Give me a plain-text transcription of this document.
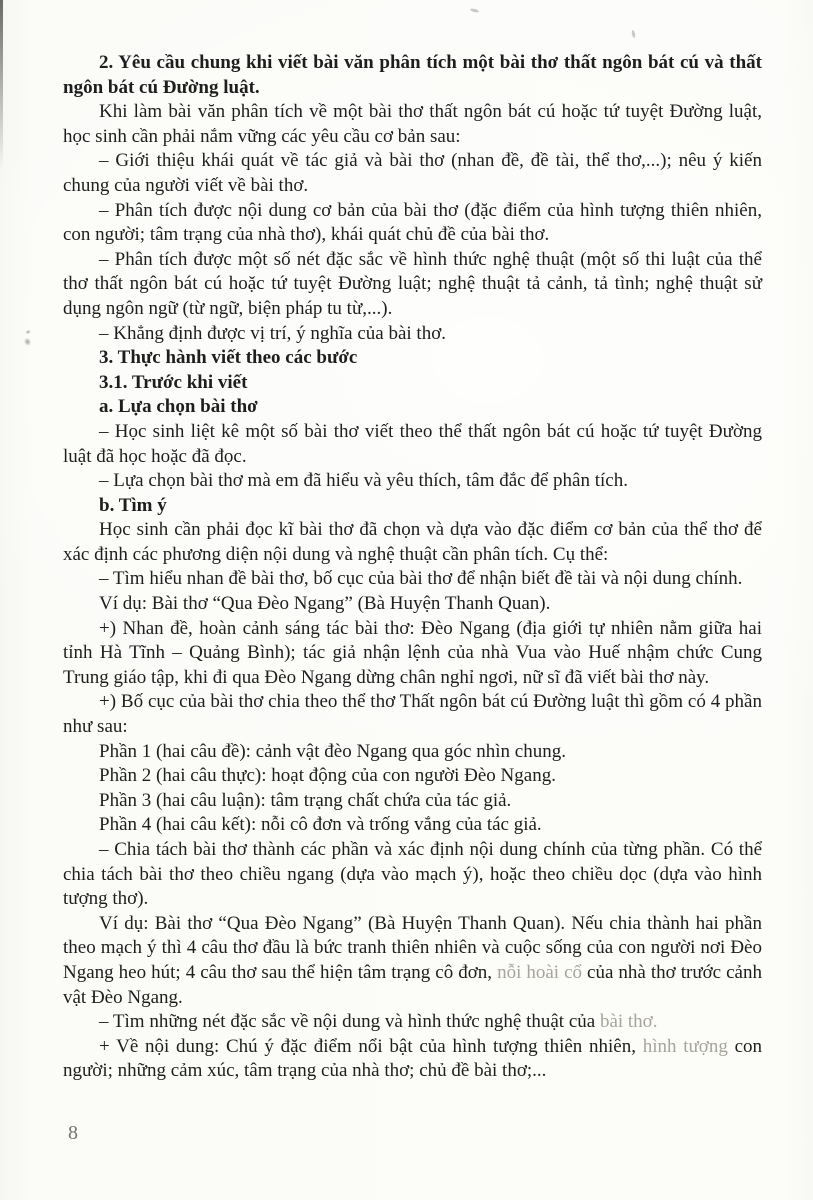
2. Yêu cầu chung khi viết bài văn phân tích một bài thơ thất ngôn bát cú và thất ngôn bát cú Đường luật.

Khi làm bài văn phân tích về một bài thơ thất ngôn bát cú hoặc tứ tuyệt Đường luật, học sinh cần phải nắm vững các yêu cầu cơ bản sau:

– Giới thiệu khái quát về tác giả và bài thơ (nhan đề, đề tài, thể thơ,...); nêu ý kiến chung của người viết về bài thơ.

– Phân tích được nội dung cơ bản của bài thơ (đặc điểm của hình tượng thiên nhiên, con người; tâm trạng của nhà thơ), khái quát chủ đề của bài thơ.

– Phân tích được một số nét đặc sắc về hình thức nghệ thuật (một số thi luật của thể thơ thất ngôn bát cú hoặc tứ tuyệt Đường luật; nghệ thuật tả cảnh, tả tình; nghệ thuật sử dụng ngôn ngữ (từ ngữ, biện pháp tu từ,...).

– Khẳng định được vị trí, ý nghĩa của bài thơ.

3. Thực hành viết theo các bước

3.1. Trước khi viết

a. Lựa chọn bài thơ

– Học sinh liệt kê một số bài thơ viết theo thể thất ngôn bát cú hoặc tứ tuyệt Đường luật đã học hoặc đã đọc.

– Lựa chọn bài thơ mà em đã hiểu và yêu thích, tâm đắc để phân tích.

b. Tìm ý

Học sinh cần phải đọc kĩ bài thơ đã chọn và dựa vào đặc điểm cơ bản của thể thơ để xác định các phương diện nội dung và nghệ thuật cần phân tích. Cụ thể:

– Tìm hiểu nhan đề bài thơ, bố cục của bài thơ để nhận biết đề tài và nội dung chính.

Ví dụ: Bài thơ “Qua Đèo Ngang” (Bà Huyện Thanh Quan).

+) Nhan đề, hoàn cảnh sáng tác bài thơ: Đèo Ngang (địa giới tự nhiên nằm giữa hai tỉnh Hà Tĩnh – Quảng Bình); tác giả nhận lệnh của nhà Vua vào Huế nhậm chức Cung Trung giáo tập, khi đi qua Đèo Ngang dừng chân nghỉ ngơi, nữ sĩ đã viết bài thơ này.

+) Bố cục của bài thơ chia theo thể thơ Thất ngôn bát cú Đường luật thì gồm có 4 phần như sau:

Phần 1 (hai câu đề): cảnh vật đèo Ngang qua góc nhìn chung.

Phần 2 (hai câu thực): hoạt động của con người Đèo Ngang.

Phần 3 (hai câu luận): tâm trạng chất chứa của tác giả.

Phần 4 (hai câu kết): nỗi cô đơn và trống vắng của tác giả.

– Chia tách bài thơ thành các phần và xác định nội dung chính của từng phần. Có thể chia tách bài thơ theo chiều ngang (dựa vào mạch ý), hoặc theo chiều dọc (dựa vào hình tượng thơ).

Ví dụ: Bài thơ “Qua Đèo Ngang” (Bà Huyện Thanh Quan). Nếu chia thành hai phần theo mạch ý thì 4 câu thơ đầu là bức tranh thiên nhiên và cuộc sống của con người nơi Đèo Ngang heo hút; 4 câu thơ sau thể hiện tâm trạng cô đơn, nỗi hoài cổ của nhà thơ trước cảnh vật Đèo Ngang.

– Tìm những nét đặc sắc về nội dung và hình thức nghệ thuật của bài thơ.

+ Về nội dung: Chú ý đặc điểm nổi bật của hình tượng thiên nhiên, hình tượng con người; những cảm xúc, tâm trạng của nhà thơ; chủ đề bài thơ;...

8
